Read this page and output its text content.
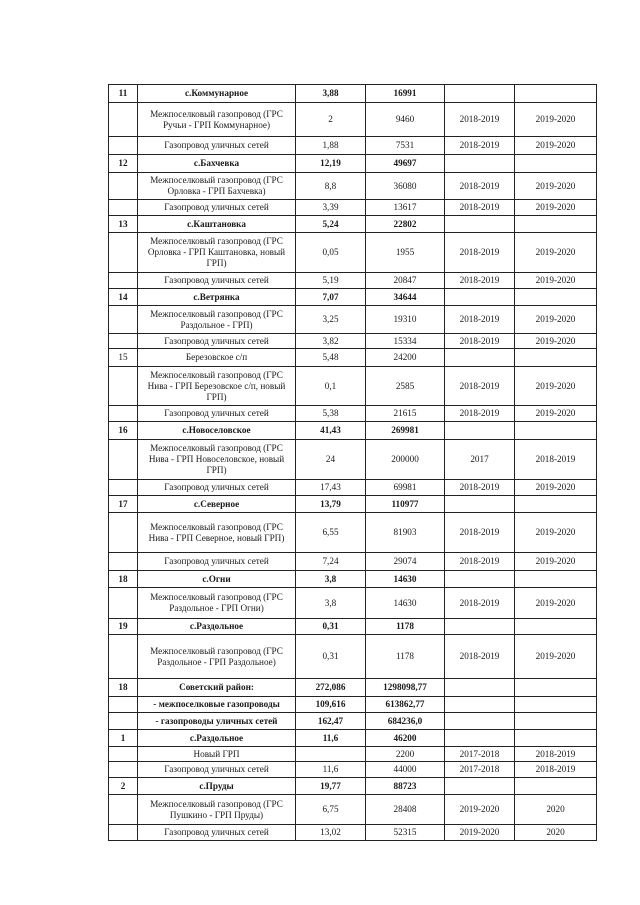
11	с.Коммунарное	3,88	16991		
	Межпоселковый газопровод (ГРС Ручьи - ГРП Коммунарное)	2	9460	2018-2019	2019-2020
	Газопровод уличных сетей	1,88	7531	2018-2019	2019-2020
12	с.Бахчевка	12,19	49697		
	Межпоселковый газопровод (ГРС Орловка - ГРП Бахчевка)	8,8	36080	2018-2019	2019-2020
	Газопровод уличных сетей	3,39	13617	2018-2019	2019-2020
13	с.Каштановка	5,24	22802		
	Межпоселковый газопровод (ГРС Орловка - ГРП Каштановка, новый ГРП)	0,05	1955	2018-2019	2019-2020
	Газопровод уличных сетей	5,19	20847	2018-2019	2019-2020
14	с.Ветрянка	7,07	34644		
	Межпоселковый газопровод (ГРС Раздольное - ГРП)	3,25	19310	2018-2019	2019-2020
	Газопровод уличных сетей	3,82	15334	2018-2019	2019-2020
15	Березовское с/п	5,48	24200		
	Межпоселковый газопровод (ГРС Нива - ГРП Березовское с/п, новый ГРП)	0,1	2585	2018-2019	2019-2020
	Газопровод уличных сетей	5,38	21615	2018-2019	2019-2020
16	с.Новоселовское	41,43	269981		
	Межпоселковый газопровод (ГРС Нива - ГРП Новоселовское, новый ГРП)	24	200000	2017	2018-2019
	Газопровод уличных сетей	17,43	69981	2018-2019	2019-2020
17	с.Северное	13,79	110977		
	Межпоселковый газопровод (ГРС Нива - ГРП Северное, новый ГРП)	6,55	81903	2018-2019	2019-2020
	Газопровод уличных сетей	7,24	29074	2018-2019	2019-2020
18	с.Огни	3,8	14630		
	Межпоселковый газопровод (ГРС Раздольное - ГРП Огни)	3,8	14630	2018-2019	2019-2020
19	с.Раздольное	0,31	1178		
	Межпоселковый газопровод (ГРС Раздольное - ГРП Раздольное)	0,31	1178	2018-2019	2019-2020
18	Советский район:	272,086	1298098,77		
	- межпоселковые газопроводы	109,616	613862,77		
	- газопроводы уличных сетей	162,47	684236,0		
1	с.Раздольное	11,6	46200		
	Новый ГРП		2200	2017-2018	2018-2019
	Газопровод уличных сетей	11,6	44000	2017-2018	2018-2019
2	с.Пруды	19,77	88723		
	Межпоселковый газопровод (ГРС Пушкино - ГРП Пруды)	6,75	28408	2019-2020	2020
	Газопровод уличных сетей	13,02	52315	2019-2020	2020
